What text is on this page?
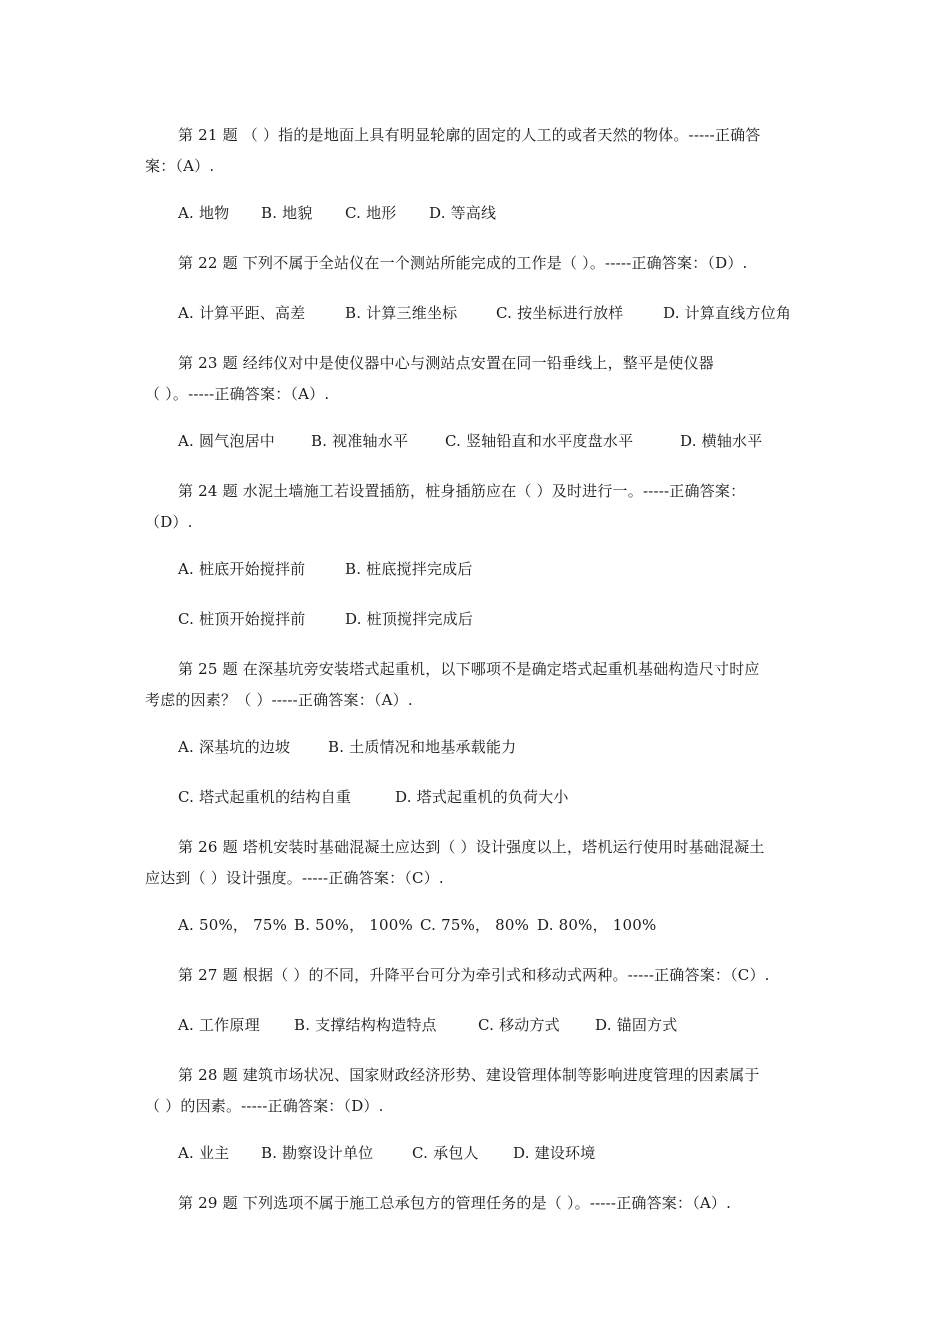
第 21 题 （ ）指的是地面上具有明显轮廓的固定的人工的或者天然的物体。-----正确答
案：（A）.
A. 地物 B. 地貌 C. 地形 D. 等高线
第 22 题 下列不属于全站仪在一个测站所能完成的工作是（ ）。-----正确答案：（D）.
A. 计算平距、高差	B. 计算三维坐标	C. 按坐标进行放样	D. 计算直线方位角
第 23 题 经纬仪对中是使仪器中心与测站点安置在同一铅垂线上，整平是使仪器
（ ）。-----正确答案：（A）.
A. 圆气泡居中 B. 视准轴水平 C. 竖轴铅直和水平度盘水平	D. 横轴水平
第 24 题 水泥土墙施工若设置插筋，桩身插筋应在（ ）及时进行一。-----正确答案：
（D）.
A. 桩底开始搅拌前	B. 桩底搅拌完成后
C. 桩顶开始搅拌前	D. 桩顶搅拌完成后
第 25 题 在深基坑旁安装塔式起重机，以下哪项不是确定塔式起重机基础构造尺寸时应
考虑的因素？（ ）-----正确答案：（A）.
A. 深基坑的边坡	B. 土质情况和地基承载能力
C. 塔式起重机的结构自重	D. 塔式起重机的负荷大小
第 26 题 塔机安装时基础混凝土应达到（ ）设计强度以上，塔机运行使用时基础混凝土
应达到（ ）设计强度。-----正确答案：（C）.
A. 50%， 75% B. 50%， 100% C. 75%， 80% D. 80%， 100%
第 27 题 根据（ ）的不同，升降平台可分为牵引式和移动式两种。-----正确答案：（C）.
A. 工作原理 B. 支撑结构构造特点	C. 移动方式 D. 锚固方式
第 28 题 建筑市场状况、国家财政经济形势、建设管理体制等影响进度管理的因素属于
（ ）的因素。-----正确答案：（D）.
A. 业主 B. 勘察设计单位	C. 承包人 D. 建设环境
第 29 题 下列选项不属于施工总承包方的管理任务的是（ ）。-----正确答案：（A）.
